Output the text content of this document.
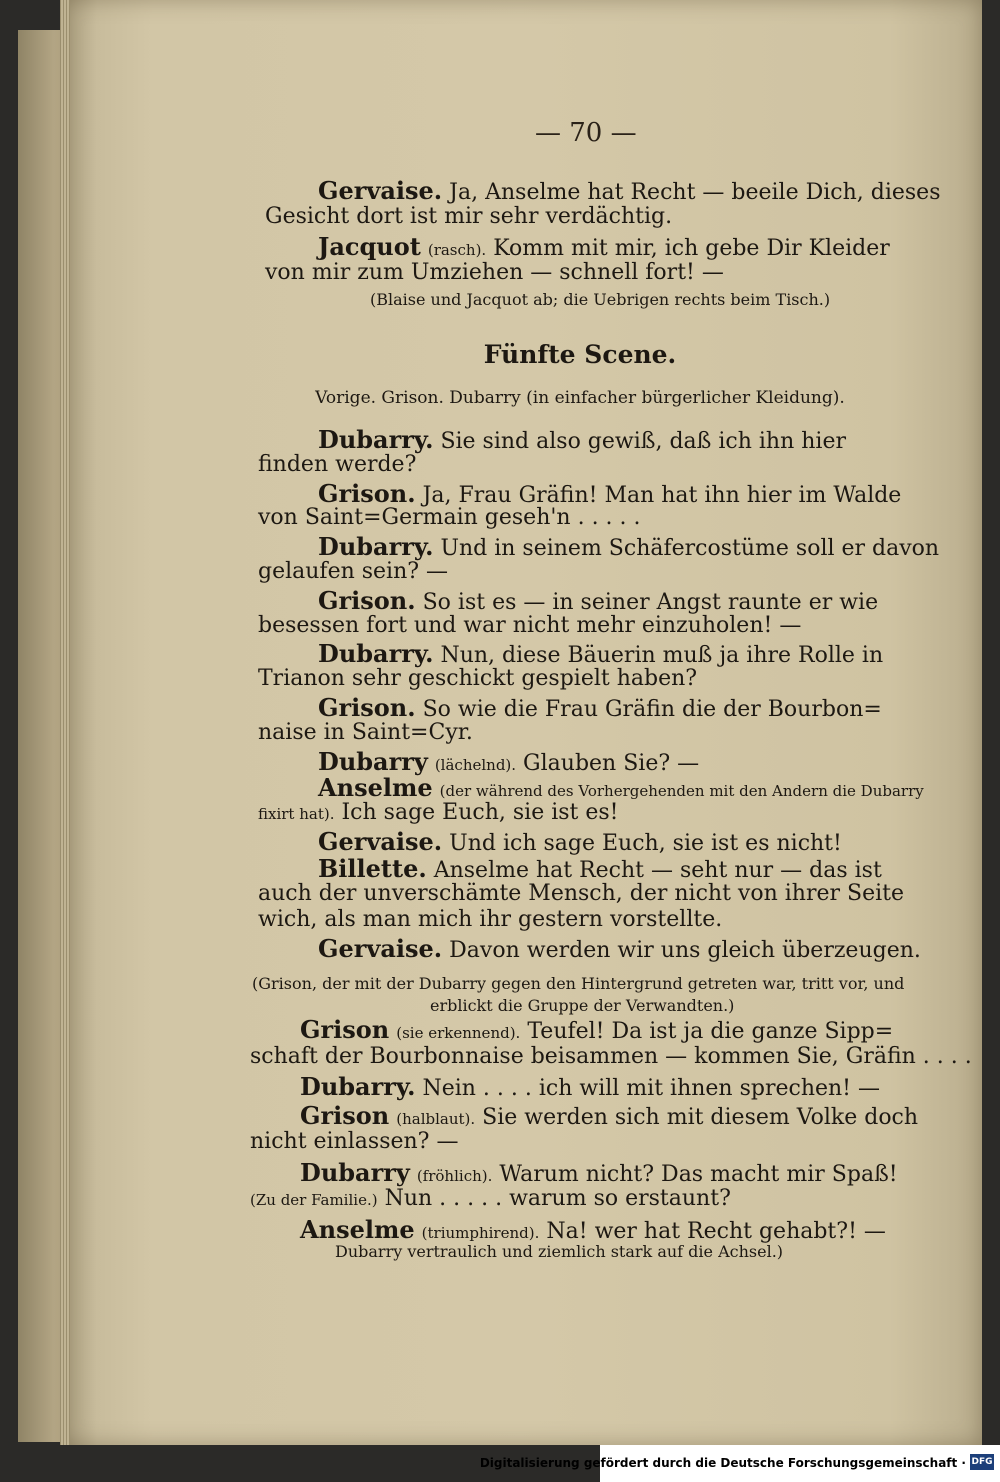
— 70 —
Gervaise. Ja, Anselme hat Recht — beeile Dich, dieses
Gesicht dort ist mir sehr verdächtig.
Jacquot (rasch). Komm mit mir, ich gebe Dir Kleider
von mir zum Umziehen — schnell fort! —
(Blaise und Jacquot ab; die Uebrigen rechts beim Tisch.)
Fünfte Scene.
Vorige. Grison. Dubarry (in einfacher bürgerlicher Kleidung).
Dubarry. Sie sind also gewiß, daß ich ihn hier
finden werde?
Grison. Ja, Frau Gräfin! Man hat ihn hier im Walde
von Saint=Germain geseh'n . . . . .
Dubarry. Und in seinem Schäfercostüme soll er davon
gelaufen sein? —
Grison. So ist es — in seiner Angst raunte er wie
besessen fort und war nicht mehr einzuholen! —
Dubarry. Nun, diese Bäuerin muß ja ihre Rolle in
Trianon sehr geschickt gespielt haben?
Grison. So wie die Frau Gräfin die der Bourbon=
naise in Saint=Cyr.
Dubarry (lächelnd). Glauben Sie? —
Anselme (der während des Vorhergehenden mit den Andern die Dubarry
fixirt hat). Ich sage Euch, sie ist es!
Gervaise. Und ich sage Euch, sie ist es nicht!
Billette. Anselme hat Recht — seht nur — das ist
auch der unverschämte Mensch, der nicht von ihrer Seite
wich, als man mich ihr gestern vorstellte.
Gervaise. Davon werden wir uns gleich überzeugen.
(Grison, der mit der Dubarry gegen den Hintergrund getreten war, tritt vor, und
erblickt die Gruppe der Verwandten.)
Grison (sie erkennend). Teufel! Da ist ja die ganze Sipp=
schaft der Bourbonnaise beisammen — kommen Sie, Gräfin . . . .
Dubarry. Nein . . . . ich will mit ihnen sprechen! —
Grison (halblaut). Sie werden sich mit diesem Volke doch
nicht einlassen? —
Dubarry (fröhlich). Warum nicht? Das macht mir Spaß!
(Zu der Familie.) Nun . . . . . warum so erstaunt?
Anselme (triumphirend). Na! wer hat Recht gehabt?! —
Dubarry vertraulich und ziemlich stark auf die Achsel.)
Digitalisierung gefördert durch die Deutsche Forschungsgemeinschaft · DFG
